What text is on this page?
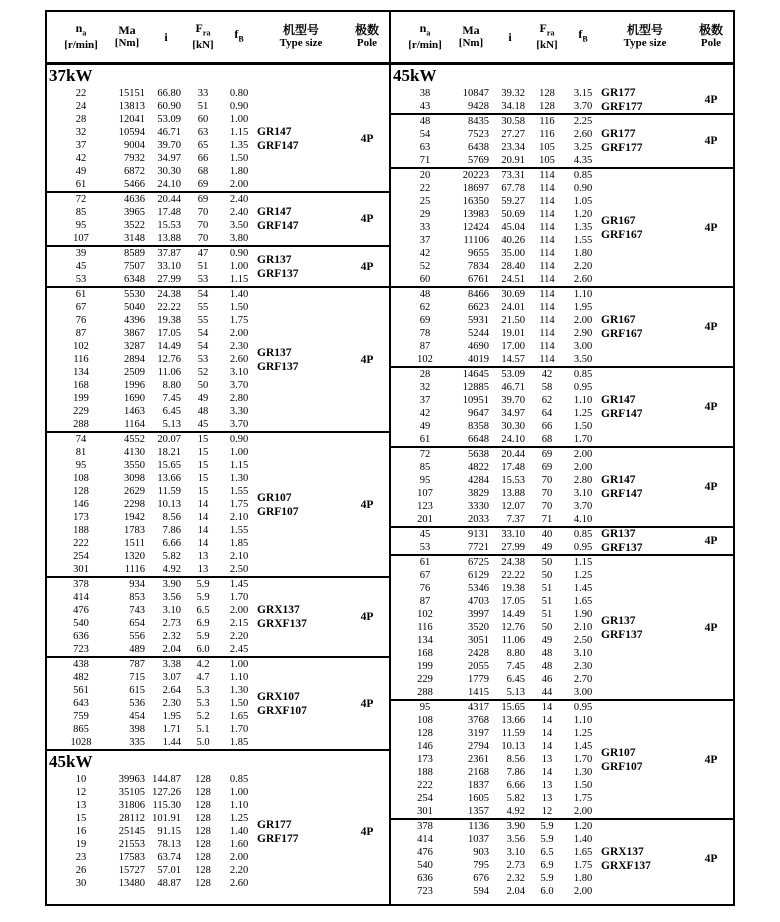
$n_a$
[r/min]
Ma
[Nm] i
$F_{ra}$
[kN]
$f_B$
机型号
Type size
极数
Pole
37kW
22	15151	66.80	33	0.80
24	13813	60.90	51	0.90
28	12041	53.09	60	1.00
32	10594	46.71	63	1.15
37	9004	39.70	65	1.35
42	7932	34.97	66	1.50
49	6872	30.30	68	1.80
61	5466	24.10	69	2.00
GR147
GRF147
4P
72	4636	20.44	69	2.40
85	3965	17.48	70	2.40
95	3522	15.53	70	3.50
107	3148	13.88	70	3.80
GR147
GRF147
4P
39	8589	37.87	47	0.90
45	7507	33.10	51	1.00
53	6348	27.99	53	1.15
GR137
GRF137
4P
61	5530	24.38	54	1.40
67	5040	22.22	55	1.50
76	4396	19.38	55	1.75
87	3867	17.05	54	2.00
102	3287	14.49	54	2.30
116	2894	12.76	53	2.60
134	2509	11.06	52	3.10
168	1996	8.80	50	3.70
199	1690	7.45	49	2.80
229	1463	6.45	48	3.30
288	1164	5.13	45	3.70
GR137
GRF137
4P
74	4552	20.07	15	0.90
81	4130	18.21	15	1.00
95	3550	15.65	15	1.15
108	3098	13.66	15	1.30
128	2629	11.59	15	1.55
146	2298	10.13	14	1.75
173	1942	8.56	14	2.10
188	1783	7.86	14	1.55
222	1511	6.66	14	1.85
254	1320	5.82	13	2.10
301	1116	4.92	13	2.50
GR107
GRF107
4P
378	934	3.90	5.9	1.45
414	853	3.56	5.9	1.70
476	743	3.10	6.5	2.00
540	654	2.73	6.9	2.15
636	556	2.32	5.9	2.20
723	489	2.04	6.0	2.45
GRX137
GRXF137
4P
438	787	3.38	4.2	1.00
482	715	3.07	4.7	1.10
561	615	2.64	5.3	1.30
643	536	2.30	5.3	1.50
759	454	1.95	5.2	1.65
865	398	1.71	5.1	1.70
1028	335	1.44	5.0	1.85
GRX107
GRXF107
4P
45kW
10	39963 144.87	128	0.85
12	35105 127.26	128	1.00
13	31806 115.30	128	1.10
15	28112 101.91	128	1.25
16	25145	91.15	128	1.40
19	21553	78.13	128	1.60
23	17583	63.74	128	2.00
26	15727	57.01	128	2.20
30	13480	48.87	128	2.60
GR177
GRF177
4P
$n_a$
[r/min]
Ma
[Nm] i
$F_{ra}$
[kN]
$f_B$
机型号
Type size
极数
Pole
45kW
38	10847	39.32	128	3.15
43	9428	34.18	128	3.70
GR177
GRF177
4P
48	8435	30.58	116	2.25
54	7523	27.27	116	2.60
63	6438	23.34	105	3.25
71	5769	20.91	105	4.35
GR177
GRF177
4P
20	20223	73.31	114	0.85
22	18697	67.78	114	0.90
25	16350	59.27	114	1.05
29	13983	50.69	114	1.20
33	12424	45.04	114	1.35
37	11106	40.26	114	1.55
42	9655	35.00	114	1.80
52	7834	28.40	114	2.20
60	6761	24.51	114	2.60
GR167
GRF167
4P
48	8466	30.69	114	1.10
62	6623	24.01	114	1.95
69	5931	21.50	114	2.00
78	5244	19.01	114	2.90
87	4690	17.00	114	3.00
102	4019	14.57	114	3.50
GR167
GRF167
4P
28	14645	53.09	42	0.85
32	12885	46.71	58	0.95
37	10951	39.70	62	1.10
42	9647	34.97	64	1.25
49	8358	30.30	66	1.50
61	6648	24.10	68	1.70
GR147
GRF147
4P
72	5638	20.44	69	2.00
85	4822	17.48	69	2.00
95	4284	15.53	70	2.80
107	3829	13.88	70	3.10
123	3330	12.07	70	3.70
201	2033	7.37	71	4.10
GR147
GRF147
4P
45	9131	33.10	40	0.85
53	7721	27.99	49	0.95
GR137
GRF137
4P
61	6725	24.38	50	1.15
67	6129	22.22	50	1.25
76	5346	19.38	51	1.45
87	4703	17.05	51	1.65
102	3997	14.49	51	1.90
116	3520	12.76	50	2.10
134	3051	11.06	49	2.50
168	2428	8.80	48	3.10
199	2055	7.45	48	2.30
229	1779	6.45	46	2.70
288	1415	5.13	44	3.00
GR137
GRF137
4P
95	4317	15.65	14	0.95
108	3768	13.66	14	1.10
128	3197	11.59	14	1.25
146	2794	10.13	14	1.45
173	2361	8.56	13	1.70
188	2168	7.86	14	1.30
222	1837	6.66	13	1.50
254	1605	5.82	13	1.75
301	1357	4.92	12	2.00
GR107
GRF107
4P
378	1136	3.90	5.9	1.20
414	1037	3.56	5.9	1.40
476	903	3.10	6.5	1.65
540	795	2.73	6.9	1.75
636	676	2.32	5.9	1.80
723	594	2.04	6.0	2.00
GRX137
GRXF137
4P
